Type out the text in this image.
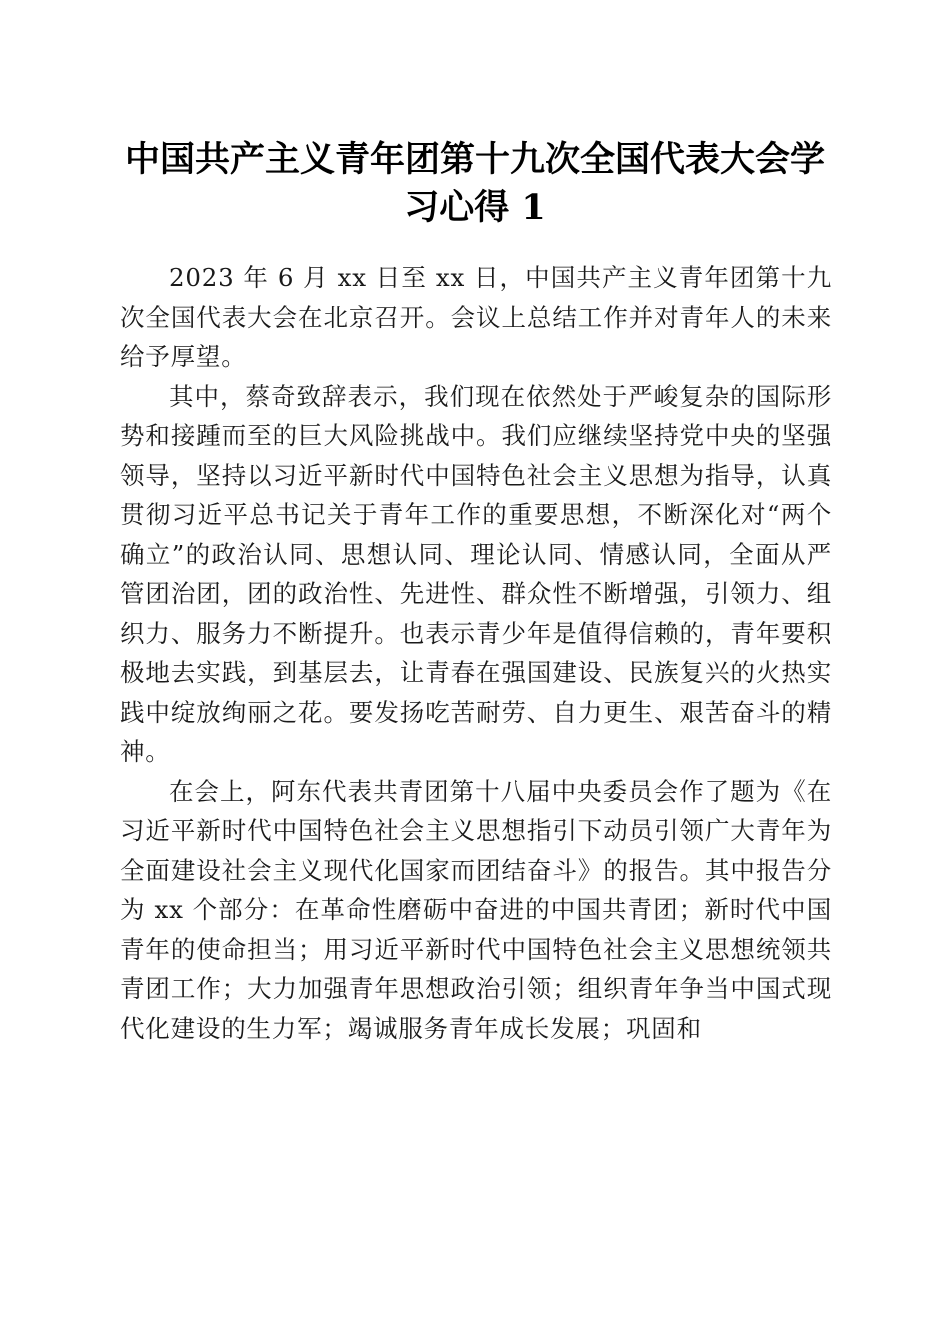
中国共产主义青年团第十九次全国代表大会学习心得 1

2023 年 6 月 xx 日至 xx 日，中国共产主义青年团第十九次全国代表大会在北京召开。会议上总结工作并对青年人的未来给予厚望。

其中，蔡奇致辞表示，我们现在依然处于严峻复杂的国际形势和接踵而至的巨大风险挑战中。我们应继续坚持党中央的坚强领导，坚持以习近平新时代中国特色社会主义思想为指导，认真贯彻习近平总书记关于青年工作的重要思想，不断深化对“两个确立”的政治认同、思想认同、理论认同、情感认同，全面从严管团治团，团的政治性、先进性、群众性不断增强，引领力、组织力、服务力不断提升。也表示青少年是值得信赖的，青年要积极地去实践，到基层去，让青春在强国建设、民族复兴的火热实践中绽放绚丽之花。要发扬吃苦耐劳、自力更生、艰苦奋斗的精神。

在会上，阿东代表共青团第十八届中央委员会作了题为《在习近平新时代中国特色社会主义思想指引下动员引领广大青年为全面建设社会主义现代化国家而团结奋斗》的报告。其中报告分为 xx 个部分：在革命性磨砺中奋进的中国共青团；新时代中国青年的使命担当；用习近平新时代中国特色社会主义思想统领共青团工作；大力加强青年思想政治引领；组织青年争当中国式现代化建设的生力军；竭诚服务青年成长发展；巩固和
